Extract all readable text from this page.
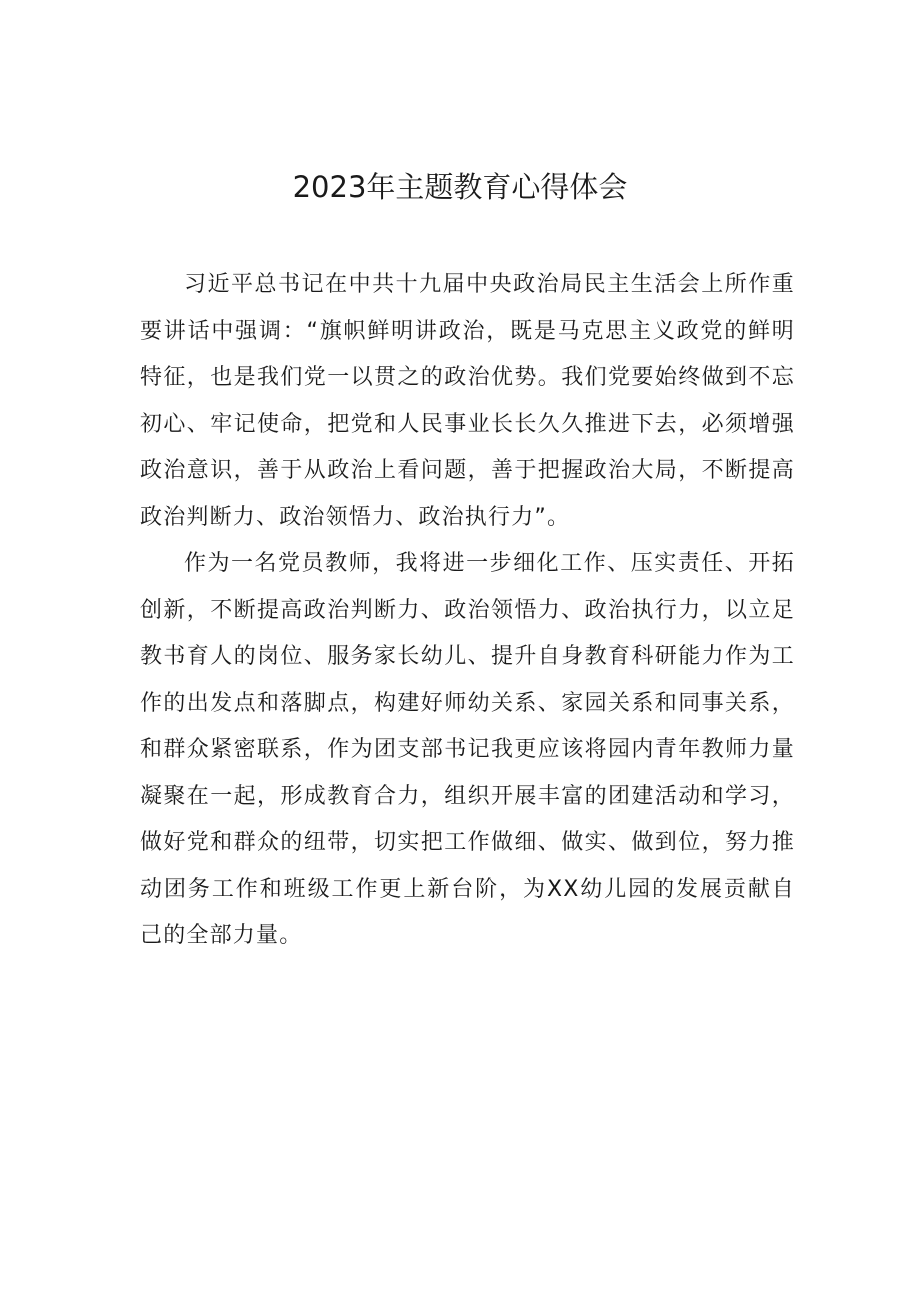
2023年主题教育心得体会

习近平总书记在中共十九届中央政治局民主生活会上所作重要讲话中强调：“旗帜鲜明讲政治，既是马克思主义政党的鲜明特征，也是我们党一以贯之的政治优势。我们党要始终做到不忘初心、牢记使命，把党和人民事业长长久久推进下去，必须增强政治意识，善于从政治上看问题，善于把握政治大局，不断提高政治判断力、政治领悟力、政治执行力”。

作为一名党员教师，我将进一步细化工作、压实责任、开拓创新，不断提高政治判断力、政治领悟力、政治执行力，以立足教书育人的岗位、服务家长幼儿、提升自身教育科研能力作为工作的出发点和落脚点，构建好师幼关系、家园关系和同事关系，和群众紧密联系，作为团支部书记我更应该将园内青年教师力量凝聚在一起，形成教育合力，组织开展丰富的团建活动和学习，做好党和群众的纽带，切实把工作做细、做实、做到位，努力推动团务工作和班级工作更上新台阶，为XX幼儿园的发展贡献自己的全部力量。
